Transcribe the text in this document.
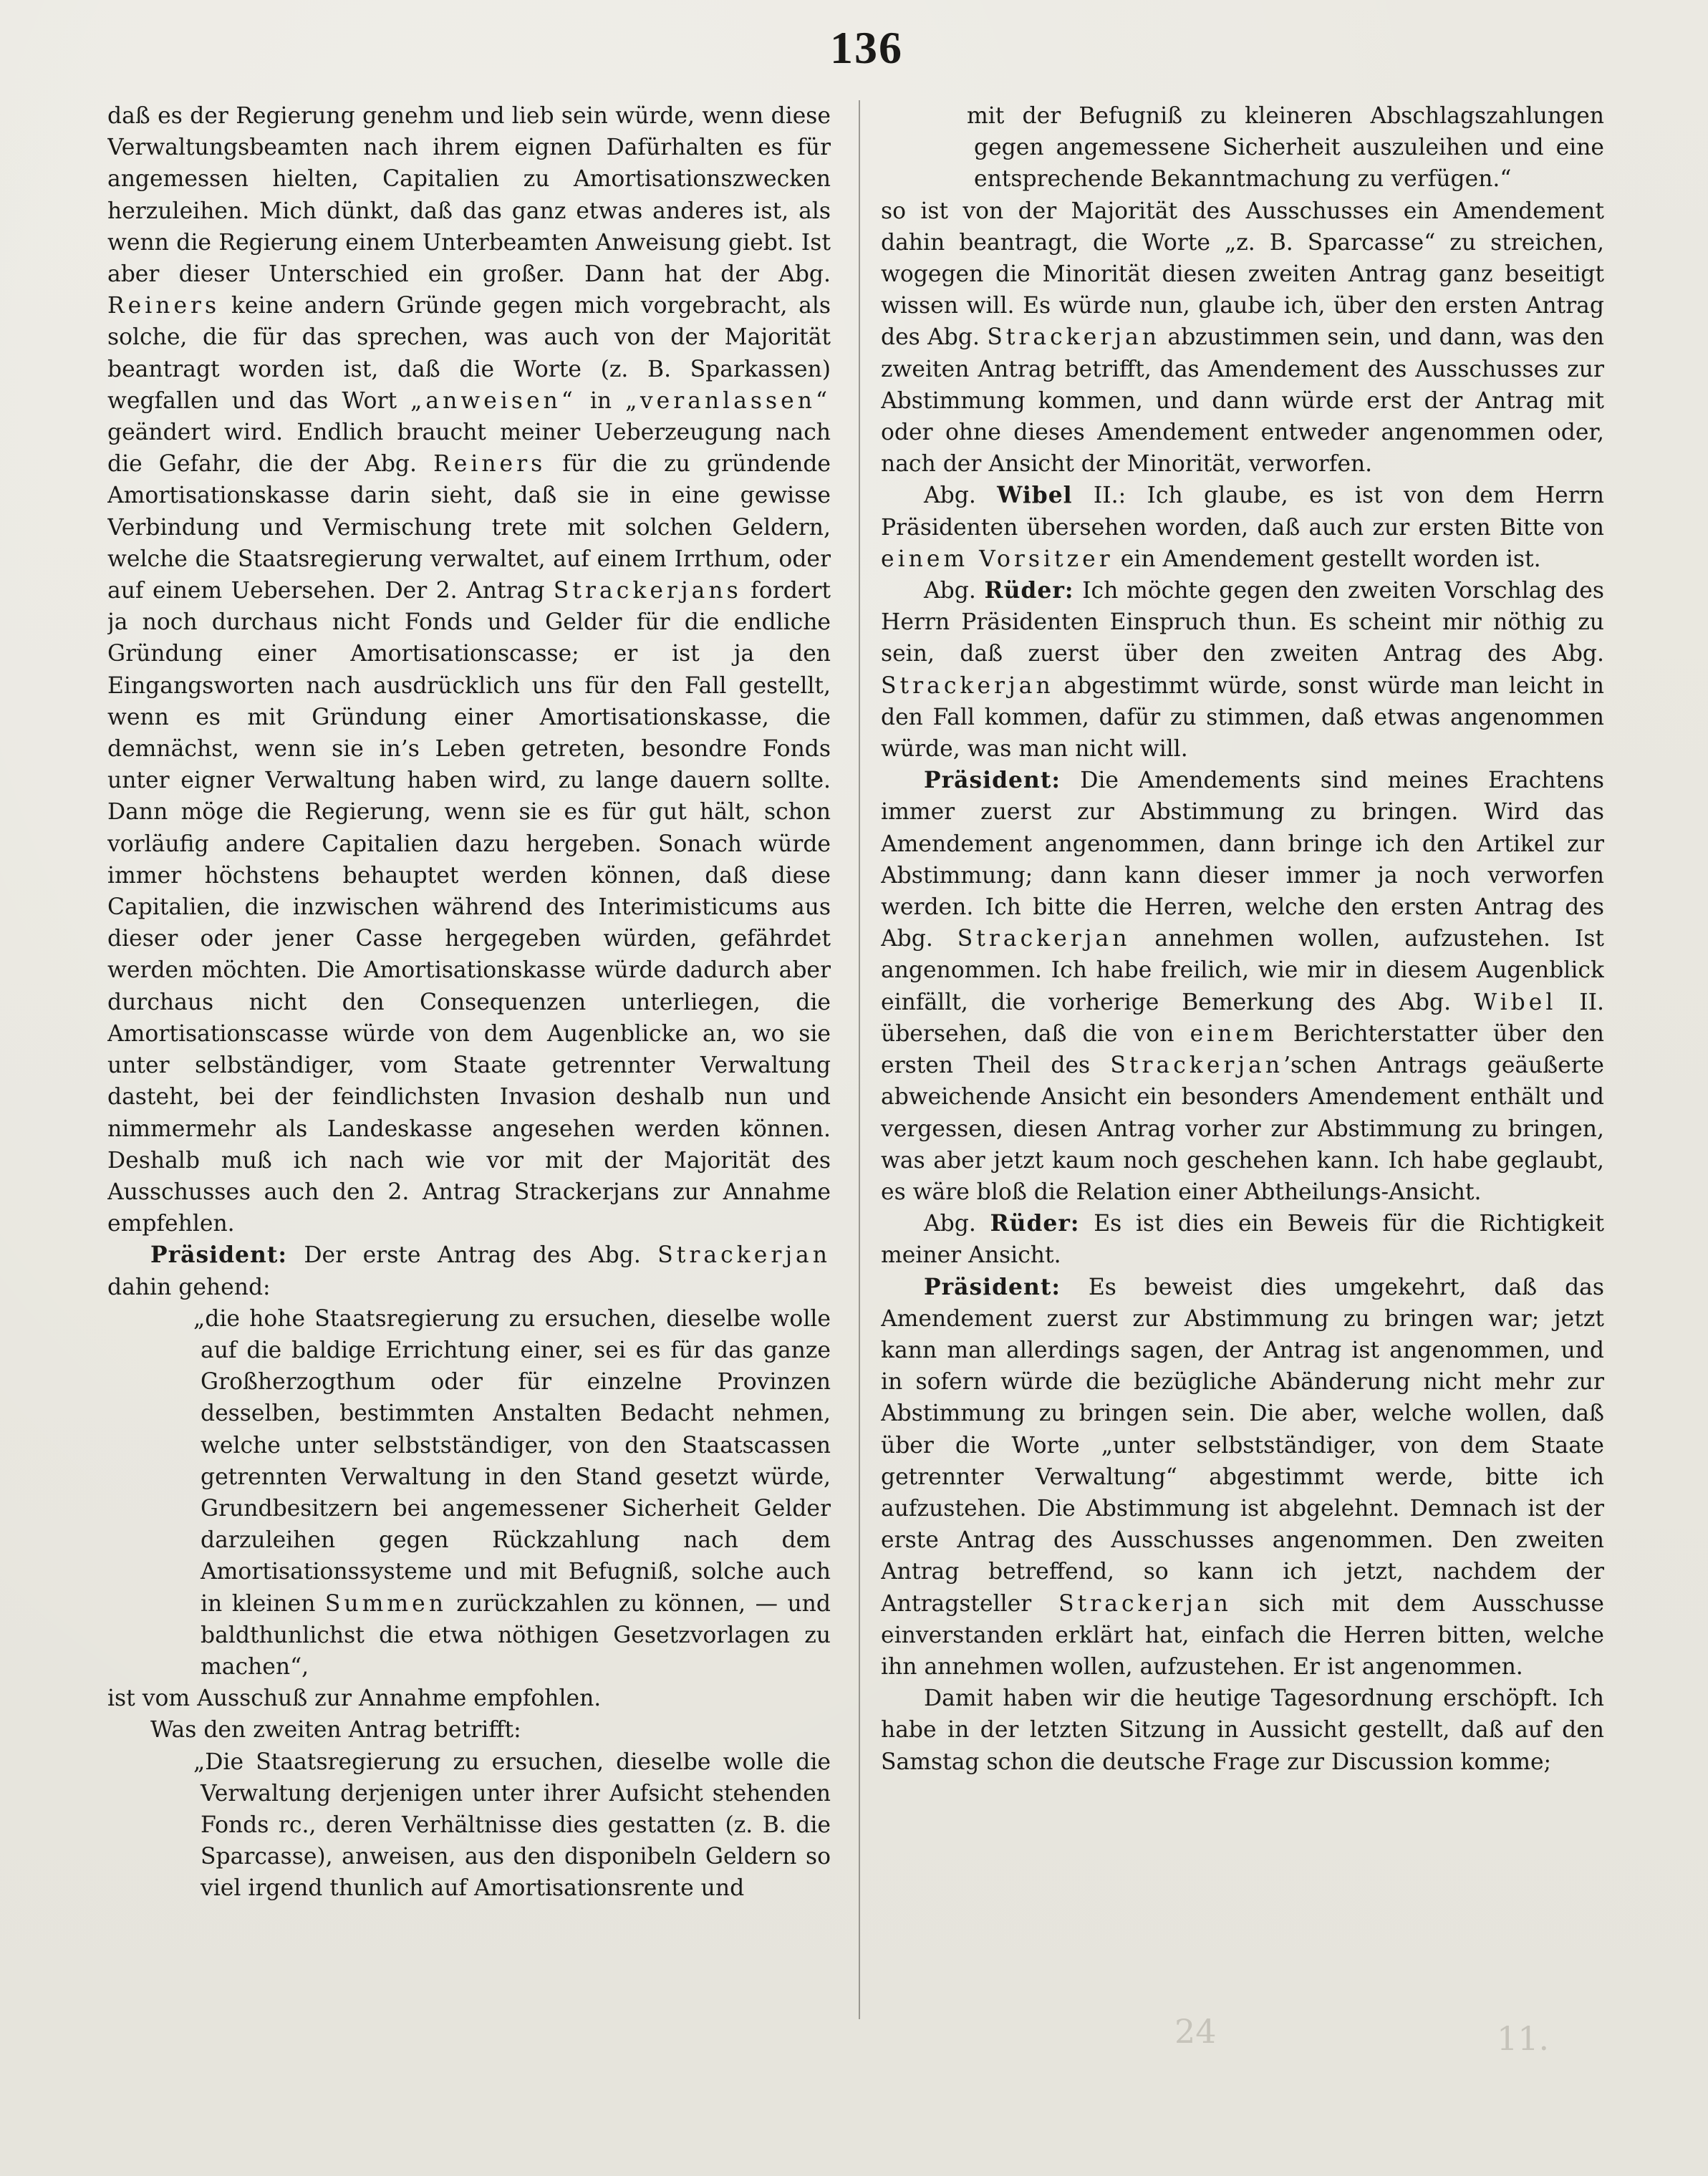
136

daß es der Regierung genehm und lieb sein würde, wenn diese Verwaltungsbeamten nach ihrem eignen Dafürhalten es für angemessen hielten, Capitalien zu Amortisationszwecken herzuleihen. Mich dünkt, daß das ganz etwas anderes ist, als wenn die Regierung einem Unterbeamten Anweisung giebt. Ist aber dieser Unterschied ein großer. Dann hat der Abg. Reiners keine andern Gründe gegen mich vorgebracht, als solche, die für das sprechen, was auch von der Majorität beantragt worden ist, daß die Worte (z. B. Sparkassen) wegfallen und das Wort „anweisen“ in „veranlassen“ geändert wird. Endlich braucht meiner Ueberzeugung nach die Gefahr, die der Abg. Reiners für die zu gründende Amortisationskasse darin sieht, daß sie in eine gewisse Verbindung und Vermischung trete mit solchen Geldern, welche die Staatsregierung verwaltet, auf einem Irrthum, oder auf einem Uebersehen. Der 2. Antrag Strackerjans fordert ja noch durchaus nicht Fonds und Gelder für die endliche Gründung einer Amortisationscasse; er ist ja den Eingangsworten nach ausdrücklich uns für den Fall gestellt, wenn es mit Gründung einer Amortisationskasse, die demnächst, wenn sie in’s Leben getreten, besondre Fonds unter eigner Verwaltung haben wird, zu lange dauern sollte. Dann möge die Regierung, wenn sie es für gut hält, schon vorläufig andere Capitalien dazu hergeben. Sonach würde immer höchstens behauptet werden können, daß diese Capitalien, die inzwischen während des Interimisticums aus dieser oder jener Casse hergegeben würden, gefährdet werden möchten. Die Amortisationskasse würde dadurch aber durchaus nicht den Consequenzen unterliegen, die Amortisationscasse würde von dem Augenblicke an, wo sie unter selbständiger, vom Staate getrennter Verwaltung dasteht, bei der feindlichsten Invasion deshalb nun und nimmermehr als Landeskasse angesehen werden können. Deshalb muß ich nach wie vor mit der Majorität des Ausschusses auch den 2. Antrag Strackerjans zur Annahme empfehlen.

Präsident: Der erste Antrag des Abg. Strackerjan dahin gehend:

„die hohe Staatsregierung zu ersuchen, dieselbe wolle auf die baldige Errichtung einer, sei es für das ganze Großherzogthum oder für einzelne Provinzen desselben, bestimmten Anstalten Bedacht nehmen, welche unter selbstständiger, von den Staatscassen getrennten Verwaltung in den Stand gesetzt würde, Grundbesitzern bei angemessener Sicherheit Gelder darzuleihen gegen Rückzahlung nach dem Amortisationssysteme und mit Befugniß, solche auch in kleinen Summen zurückzahlen zu können, — und baldthunlichst die etwa nöthigen Gesetzvorlagen zu machen“,

ist vom Ausschuß zur Annahme empfohlen.

Was den zweiten Antrag betrifft:

„Die Staatsregierung zu ersuchen, dieselbe wolle die Verwaltung derjenigen unter ihrer Aufsicht stehenden Fonds rc., deren Verhältnisse dies gestatten (z. B. die Sparcasse), anweisen, aus den disponibeln Geldern so viel irgend thunlich auf Amortisationsrente und

mit der Befugniß zu kleineren Abschlagszahlungen gegen angemessene Sicherheit auszuleihen und eine entsprechende Bekanntmachung zu verfügen.“

so ist von der Majorität des Ausschusses ein Amendement dahin beantragt, die Worte „z. B. Sparcasse“ zu streichen, wogegen die Minorität diesen zweiten Antrag ganz beseitigt wissen will. Es würde nun, glaube ich, über den ersten Antrag des Abg. Strackerjan abzustimmen sein, und dann, was den zweiten Antrag betrifft, das Amendement des Ausschusses zur Abstimmung kommen, und dann würde erst der Antrag mit oder ohne dieses Amendement entweder angenommen oder, nach der Ansicht der Minorität, verworfen.

Abg. Wibel II.: Ich glaube, es ist von dem Herrn Präsidenten übersehen worden, daß auch zur ersten Bitte von einem Vorsitzer ein Amendement gestellt worden ist.

Abg. Rüder: Ich möchte gegen den zweiten Vorschlag des Herrn Präsidenten Einspruch thun. Es scheint mir nöthig zu sein, daß zuerst über den zweiten Antrag des Abg. Strackerjan abgestimmt würde, sonst würde man leicht in den Fall kommen, dafür zu stimmen, daß etwas angenommen würde, was man nicht will.

Präsident: Die Amendements sind meines Erachtens immer zuerst zur Abstimmung zu bringen. Wird das Amendement angenommen, dann bringe ich den Artikel zur Abstimmung; dann kann dieser immer ja noch verworfen werden. Ich bitte die Herren, welche den ersten Antrag des Abg. Strackerjan annehmen wollen, aufzustehen. Ist angenommen. Ich habe freilich, wie mir in diesem Augenblick einfällt, die vorherige Bemerkung des Abg. Wibel II. übersehen, daß die von einem Berichterstatter über den ersten Theil des Strackerjan’schen Antrags geäußerte abweichende Ansicht ein besonders Amendement enthält und vergessen, diesen Antrag vorher zur Abstimmung zu bringen, was aber jetzt kaum noch geschehen kann. Ich habe geglaubt, es wäre bloß die Relation einer Abtheilungs-Ansicht.

Abg. Rüder: Es ist dies ein Beweis für die Richtigkeit meiner Ansicht.

Präsident: Es beweist dies umgekehrt, daß das Amendement zuerst zur Abstimmung zu bringen war; jetzt kann man allerdings sagen, der Antrag ist angenommen, und in sofern würde die bezügliche Abänderung nicht mehr zur Abstimmung zu bringen sein. Die aber, welche wollen, daß über die Worte „unter selbstständiger, von dem Staate getrennter Verwaltung“ abgestimmt werde, bitte ich aufzustehen. Die Abstimmung ist abgelehnt. Demnach ist der erste Antrag des Ausschusses angenommen. Den zweiten Antrag betreffend, so kann ich jetzt, nachdem der Antragsteller Strackerjan sich mit dem Ausschusse einverstanden erklärt hat, einfach die Herren bitten, welche ihn annehmen wollen, aufzustehen. Er ist angenommen.

Damit haben wir die heutige Tagesordnung erschöpft. Ich habe in der letzten Sitzung in Aussicht gestellt, daß auf den Samstag schon die deutsche Frage zur Discussion komme;

24	11.
